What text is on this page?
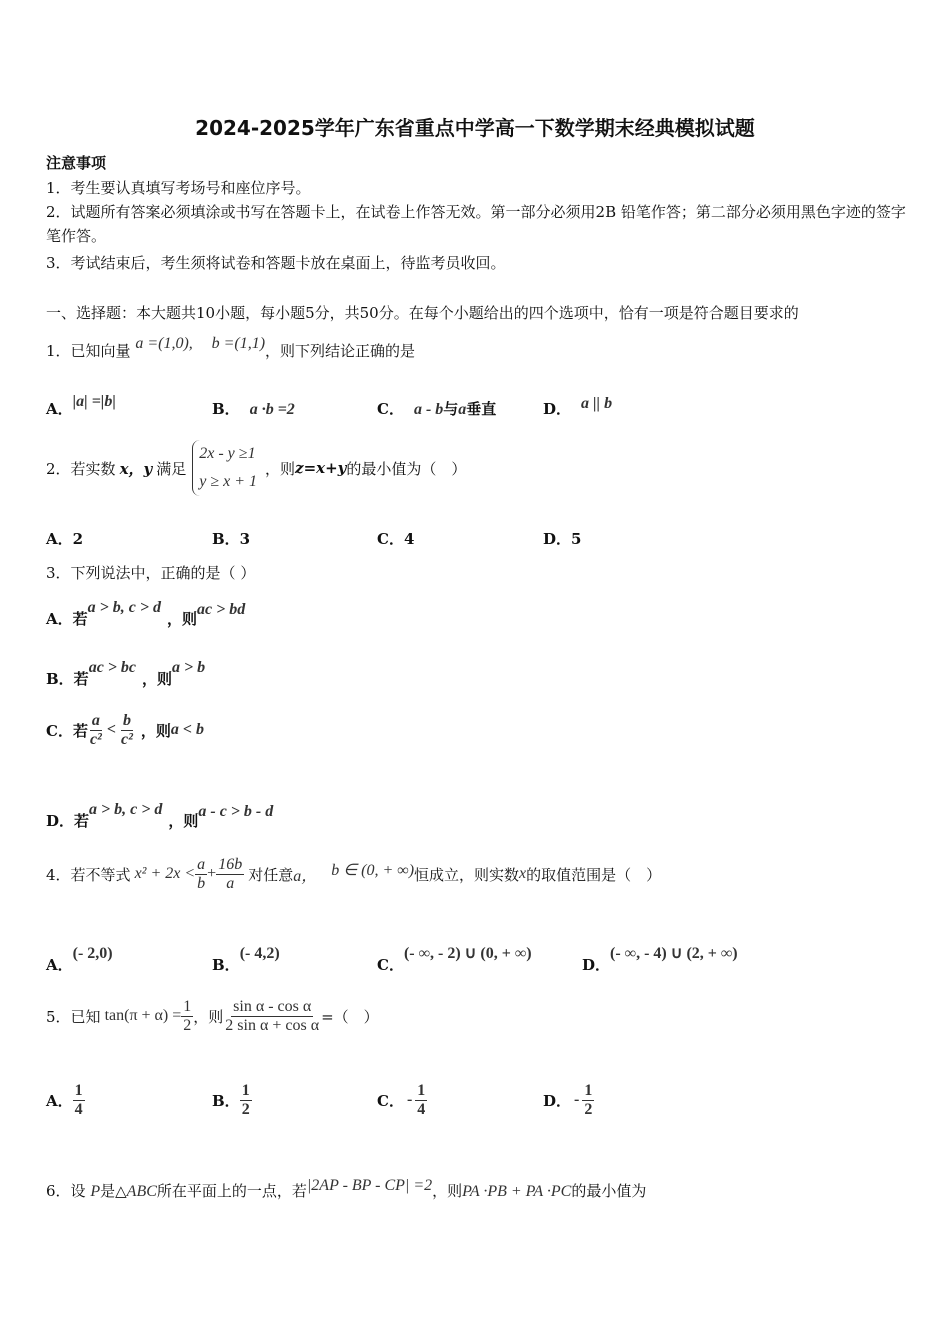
2024-2025学年广东省重点中学高一下数学期末经典模拟试题
注意事项
1．考生要认真填写考场号和座位序号。
2．试题所有答案必须填涂或书写在答题卡上，在试卷上作答无效。第一部分必须用2B 铅笔作答；第二部分必须用黑色字迹的签字笔作答。
3．考试结束后，考生须将试卷和答题卡放在桌面上，待监考员收回。
一、选择题：本大题共10小题，每小题5分，共50分。在每个小题给出的四个选项中，恰有一项是符合题目要求的
1．已知向量 a =(1,0), b =(1,1)，则下列结论正确的是
A．|a| =|b|	B． a ·b =2	C． a - b与a垂直	D． a || b
2． 若实数 x，y 满足
2x - y ≥1
y ≥ x + 1
，则 z=x+y 的最小值为（　）
A．2	B．3	C．4	D．5
3．下列说法中，正确的是（ ）
A．若a > b, c > d，则ac > bd
B．若ac > bc，则a > b
C．若 $\frac{a}{\text{c²}} < \frac{b}{\text{c²}}$ ，则 a < b
D．若a > b, c > d，则a - c > b - d
4． 若不等式 $x^2 + 2x < \frac{a}{b} + \frac{16b}{a}$ 对任意 a， b ∈ (0, + ∞) 恒成立，则实数 x 的取值范围是（　）
A．(- 2,0)
B．(- 4,2)
C．(- ∞, - 2) ∪ (0, + ∞)
D．(- ∞, - 4) ∪ (2, + ∞)
5． 已知 $\tan(\pi + \alpha) = \frac{1}{2}$ ，则 $\frac{\text{sin α - cos α}}{\text{2 sin α + cos α}}$ =（　）
A． $\frac{1}{4}$	B． $\frac{1}{2}$	C． - $\frac{1}{4}$	D． - $\frac{1}{2}$
6．设 P是△ABC所在平面上的一点，若|2AP - BP - CP| =2，则PA ·PB + PA ·PC的最小值为
